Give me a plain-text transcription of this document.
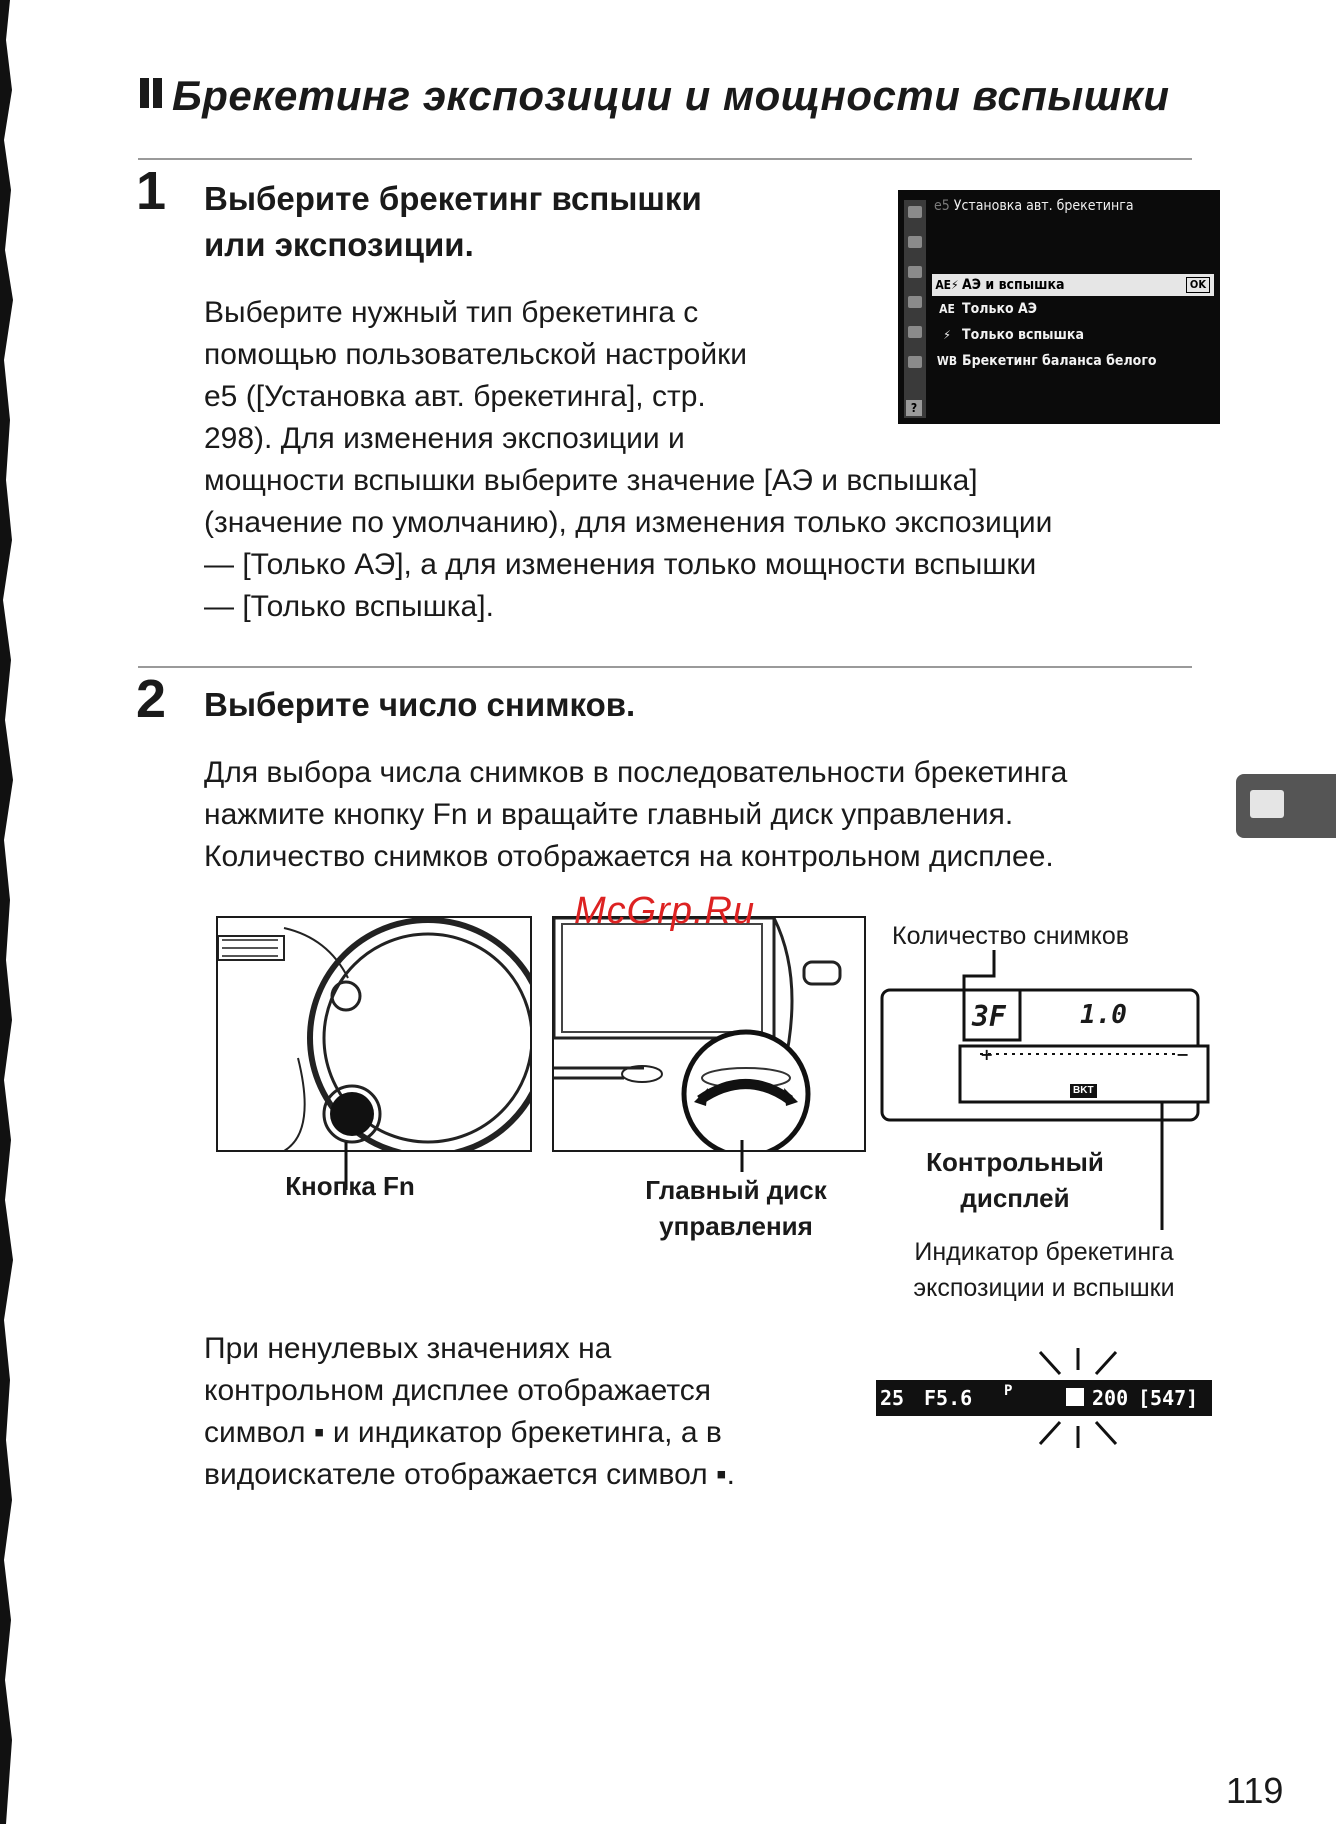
Брекетинг экспозиции и мощности вспышки
1 Выберите брекетинг вспышки
или экспозиции.
Выберите нужный тип брекетинга с
помощью пользовательской настройки
e5 ([Установка авт. брекетинга], стр.
298). Для изменения экспозиции и
мощности вспышки выберите значение [АЭ и вспышка]
(значение по умолчанию), для изменения только экспозиции
— [Только АЭ], а для изменения только мощности вспышки
— [Только вспышка].
e5 Установка авт. брекетинга
AE⚡ АЭ и вспышка	OK
AE Только АЭ
⚡ Только вспышка
WB Брекетинг баланса белого
?
2 Выберите число снимков.
Для выбора числа снимков в последовательности брекетинга
нажмите кнопку Fn и вращайте главный диск управления.
Количество снимков отображается на контрольном дисплее.
Кнопка Fn	Главный диск
управления
Количество снимков
+	−
3F	1.0
BKT
Контрольный
дисплей
Индикатор брекетинга
экспозиции и вспышки
McGrp.Ru
При ненулевых значениях на
контрольном дисплее отображается
символ ▪ и индикатор брекетинга, а в
видоискателе отображается символ ▪.
25 F5.6 P	200 [547]
119
